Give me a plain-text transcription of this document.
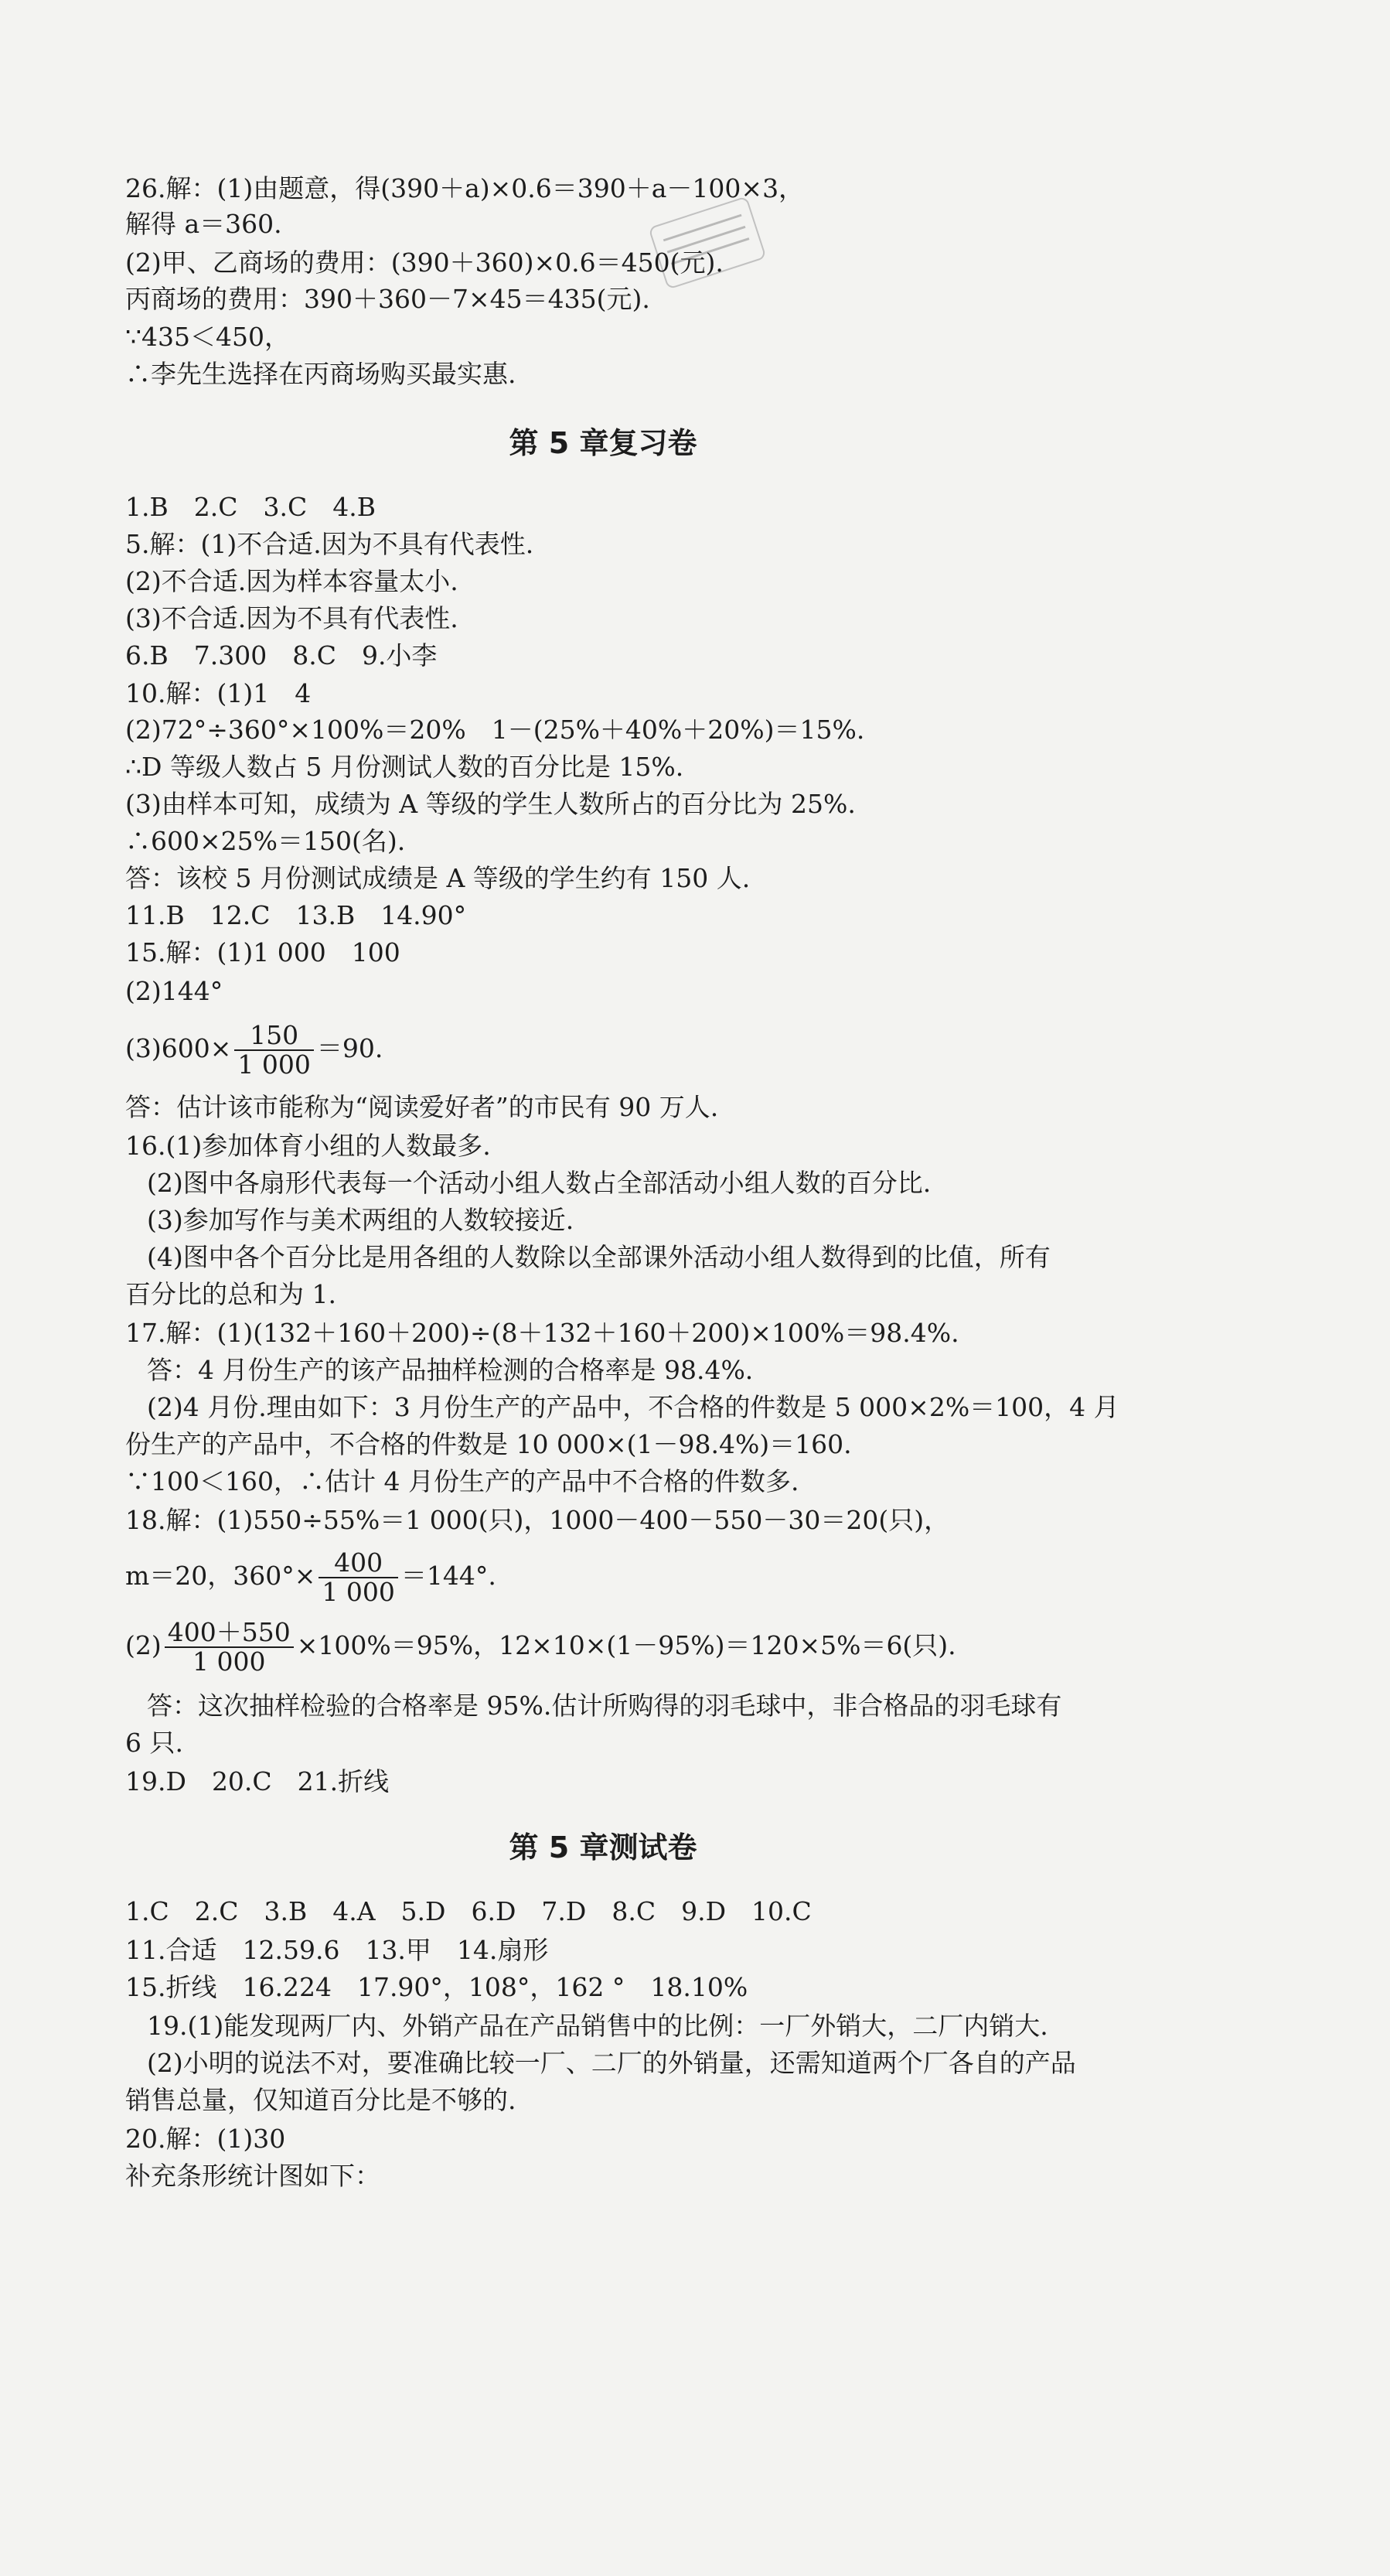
26.解：(1)由题意，得(390＋a)×0.6＝390＋a－100×3，
解得 a＝360.
(2)甲、乙商场的费用：(390＋360)×0.6＝450(元).
丙商场的费用：390＋360－7×45＝435(元).
∵435＜450，
∴李先生选择在丙商场购买最实惠.
第 5 章复习卷
1.B　2.C　3.C　4.B
5.解：(1)不合适.因为不具有代表性.
(2)不合适.因为样本容量太小.
(3)不合适.因为不具有代表性.
6.B　7.300　8.C　9.小李
10.解：(1)1　4
(2)72°÷360°×100%＝20%　1－(25%＋40%＋20%)＝15%.
∴D 等级人数占 5 月份测试人数的百分比是 15%.
(3)由样本可知，成绩为 A 等级的学生人数所占的百分比为 25%.
∴600×25%＝150(名).
答：该校 5 月份测试成绩是 A 等级的学生约有 150 人.
11.B　12.C　13.B　14.90°
15.解：(1)1 000　100
(2)144°
$(3)600\times \frac{150}{1 000} =90$.
答：估计该市能称为“阅读爱好者”的市民有 90 万人.
16.(1)参加体育小组的人数最多.
(2)图中各扇形代表每一个活动小组人数占全部活动小组人数的百分比.
(3)参加写作与美术两组的人数较接近.
(4)图中各个百分比是用各组的人数除以全部课外活动小组人数得到的比值，所有
百分比的总和为 1.
17.解：(1)(132＋160＋200)÷(8＋132＋160＋200)×100%＝98.4%.
答：4 月份生产的该产品抽样检测的合格率是 98.4%.
(2)4 月份.理由如下：3 月份生产的产品中，不合格的件数是 5 000×2%＝100，4 月
份生产的产品中，不合格的件数是 10 000×(1－98.4%)＝160.
∵100＜160，∴估计 4 月份生产的产品中不合格的件数多.
18.解：(1)550÷55%＝1 000(只)，1000－400－550－30＝20(只)，
m＝20，$360^\circ\times \frac{400}{1 000} =144^\circ$.
$(2) \frac{400+550}{1 000} \times 100\%=95\%$，12×10×(1－95%)＝120×5%＝6(只).
答：这次抽样检验的合格率是 95%.估计所购得的羽毛球中，非合格品的羽毛球有
6 只.
19.D　20.C　21.折线
第 5 章测试卷
1.C　2.C　3.B　4.A　5.D　6.D　7.D　8.C　9.D　10.C
11.合适　12.59.6　13.甲　14.扇形
15.折线　16.224　17.90°，108°，162 °　18.10%
19.(1)能发现两厂内、外销产品在产品销售中的比例：一厂外销大，二厂内销大.
(2)小明的说法不对，要准确比较一厂、二厂的外销量，还需知道两个厂各自的产品
销售总量，仅知道百分比是不够的.
20.解：(1)30
补充条形统计图如下：
